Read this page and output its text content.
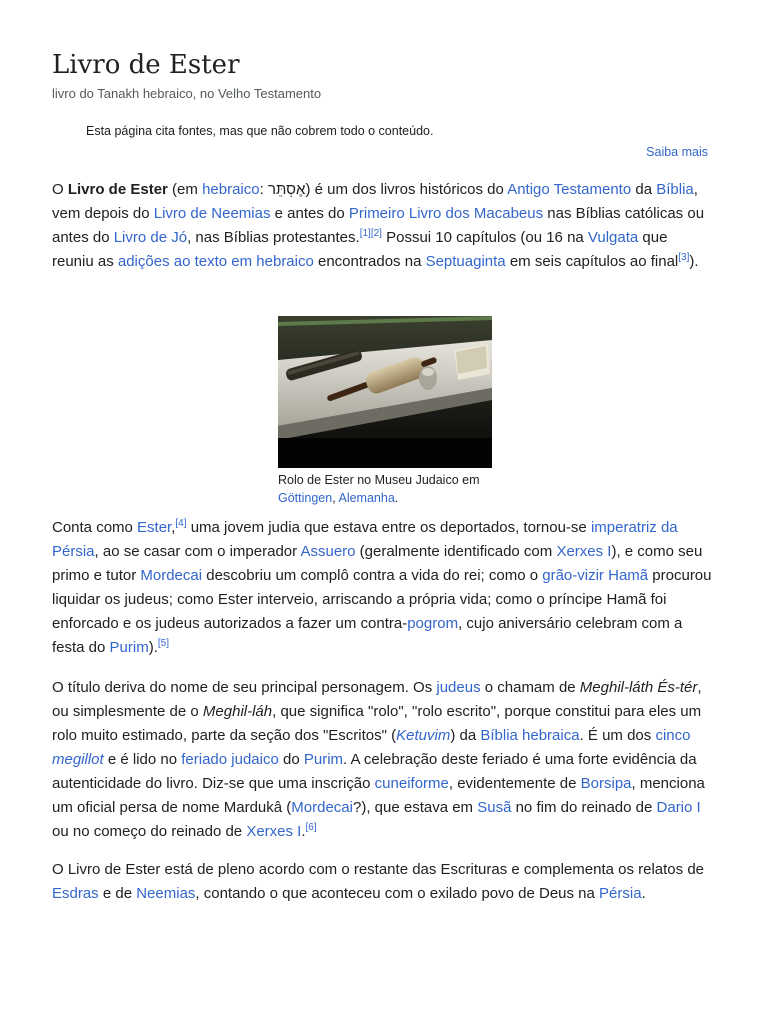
Livro de Ester
livro do Tanakh hebraico, no Velho Testamento
Esta página cita fontes, mas que não cobrem todo o conteúdo.
Saiba mais

O Livro de Ester (em hebraico: אֶסְתֵּר) é um dos livros históricos do Antigo Testamento da Bíblia, vem depois do Livro de Neemias e antes do Primeiro Livro dos Macabeus nas Bíblias católicas ou antes do Livro de Jó, nas Bíblias protestantes.[1][2] Possui 10 capítulos (ou 16 na Vulgata que reuniu as adições ao texto em hebraico encontrados na Septuaginta em seis capítulos ao final[3]).

Rolo de Ester no Museu Judaico em
Göttingen, Alemanha.

Conta como Ester,[4] uma jovem judia que estava entre os deportados, tornou-se imperatriz da Pérsia, ao se casar com o imperador Assuero (geralmente identificado com Xerxes I), e como seu primo e tutor Mordecai descobriu um complô contra a vida do rei; como o grão-vizir Hamã procurou liquidar os judeus; como Ester interveio, arriscando a própria vida; como o príncipe Hamã foi enforcado e os judeus autorizados a fazer um contra-pogrom, cujo aniversário celebram com a festa do Purim).[5]

O título deriva do nome de seu principal personagem. Os judeus o chamam de Meghil-láth És-tér, ou simplesmente de o Meghil-láh, que significa "rolo", "rolo escrito", porque constitui para eles um rolo muito estimado, parte da seção dos "Escritos" (Ketuvim) da Bíblia hebraica. É um dos cinco megillot e é lido no feriado judaico do Purim. A celebração deste feriado é uma forte evidência da autenticidade do livro. Diz-se que uma inscrição cuneiforme, evidentemente de Borsipa, menciona um oficial persa de nome Mardukâ (Mordecai?), que estava em Susã no fim do reinado de Dario I ou no começo do reinado de Xerxes I.[6]

O Livro de Ester está de pleno acordo com o restante das Escrituras e complementa os relatos de Esdras e de Neemias, contando o que aconteceu com o exilado povo de Deus na Pérsia.
